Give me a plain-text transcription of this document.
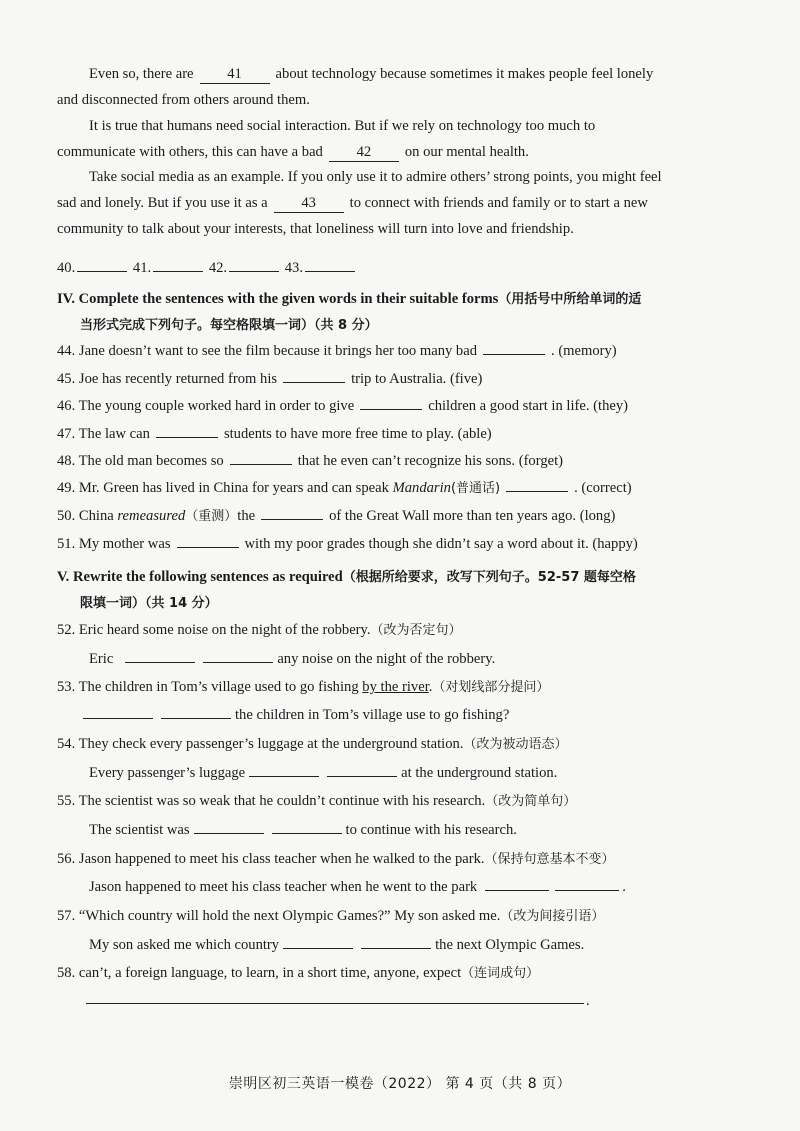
Even so, there are 41 about technology because sometimes it makes people feel lonely
and disconnected from others around them.
It is true that humans need social interaction. But if we rely on technology too much to
communicate with others, this can have a bad 42 on our mental health.
Take social media as an example. If you only use it to admire others’ strong points, you might feel
sad and lonely. But if you use it as a 43 to connect with friends and family or to start a new
community to talk about your interests, that loneliness will turn into love and friendship.
40.	41.	42.	43.
IV. Complete the sentences with the given words in their suitable forms（用括号中所给单词的适
当形式完成下列句子。每空格限填一词）（共 8 分）
44. Jane doesn’t want to see the film because it brings her too many bad	. (memory)
45. Joe has recently returned from his	trip to Australia. (five)
46. The young couple worked hard in order to give	children a good start in life. (they)
47. The law can	students to have more free time to play. (able)
48. The old man becomes so	that he even can’t recognize his sons. (forget)
49. Mr. Green has lived in China for years and can speak Mandarin(普通话)	. (correct)
50. China remeasured（重测）the	of the Great Wall more than ten years ago. (long)
51. My mother was	with my poor grades though she didn’t say a word about it. (happy)
V. Rewrite the following sentences as required（根据所给要求，改写下列句子。52-57 题每空格
限填一词）（共 14 分）
52. Eric heard some noise on the night of the robbery.（改为否定句）
Eric	any noise on the night of the robbery.
53. The children in Tom’s village used to go fishing by the river.（对划线部分提问）
the children in Tom’s village use to go fishing?
54. They check every passenger’s luggage at the underground station.（改为被动语态）
Every passenger’s luggage	at the underground station.
55. The scientist was so weak that he couldn’t continue with his research.（改为简单句）
The scientist was	to continue with his research.
56. Jason happened to meet his class teacher when he walked to the park.（保持句意基本不变）
Jason happened to meet his class teacher when he went to the park	.
57. “Which country will hold the next Olympic Games?” My son asked me.（改为间接引语）
My son asked me which country	the next Olympic Games.
58. can’t, a foreign language, to learn, in a short time, anyone, expect（连词成句）
.
崇明区初三英语一模卷（2022） 第 4 页（共 8 页）
